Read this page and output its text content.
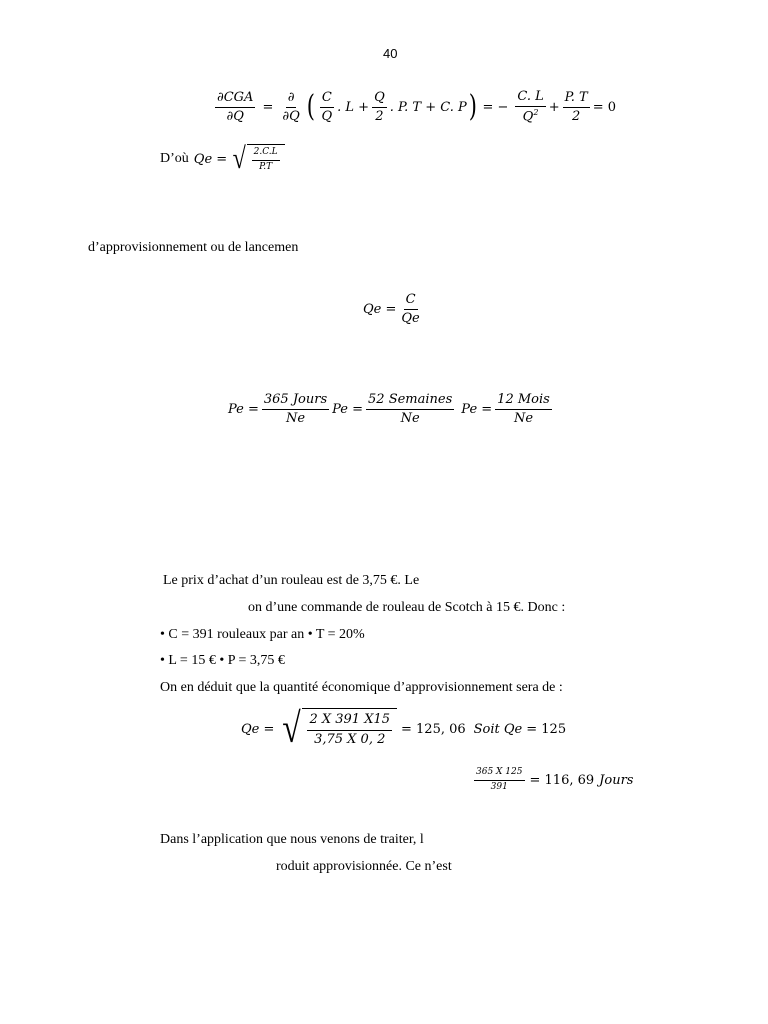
40
$\frac{\text{∂CGA}}{\partial Q} = \frac{\partial}{\partial Q}$ ( $\frac{C}{Q}$ . $L + \frac{Q}{2}$ . P. T + C. P ) = − $\frac{C. L}{Q^2} + \frac{P. T}{2} = 0$
D’où Qe = √ $\frac{2.C.L}{P.T}$
d’approvisionnement ou de lancemen
$Qe = \frac{C}{Qe}$
$Pe = \frac{\text{365 Jours}}{Ne}$ $Pe = \frac{\text{52 Semaines}}{Ne}$ $Pe = \frac{\text{12 Mois}}{Ne}$
Le prix d’achat d’un rouleau est de 3,75 €. Le
on d’une commande de rouleau de Scotch à 15 €. Donc :
• C = 391 rouleaux par an • T = 20%
• L = 15 € • P = 3,75 €
On en déduit que la quantité économique d’approvisionnement sera de :
Qe = √ $\frac{2 X 391 X15}{3,75 X 0, 2} = 125$, 06 Soit Qe = 125
$\frac{365 X 125}{391} = 116$, 69 Jours
Dans l’application que nous venons de traiter, l
roduit approvisionnée. Ce n’est
